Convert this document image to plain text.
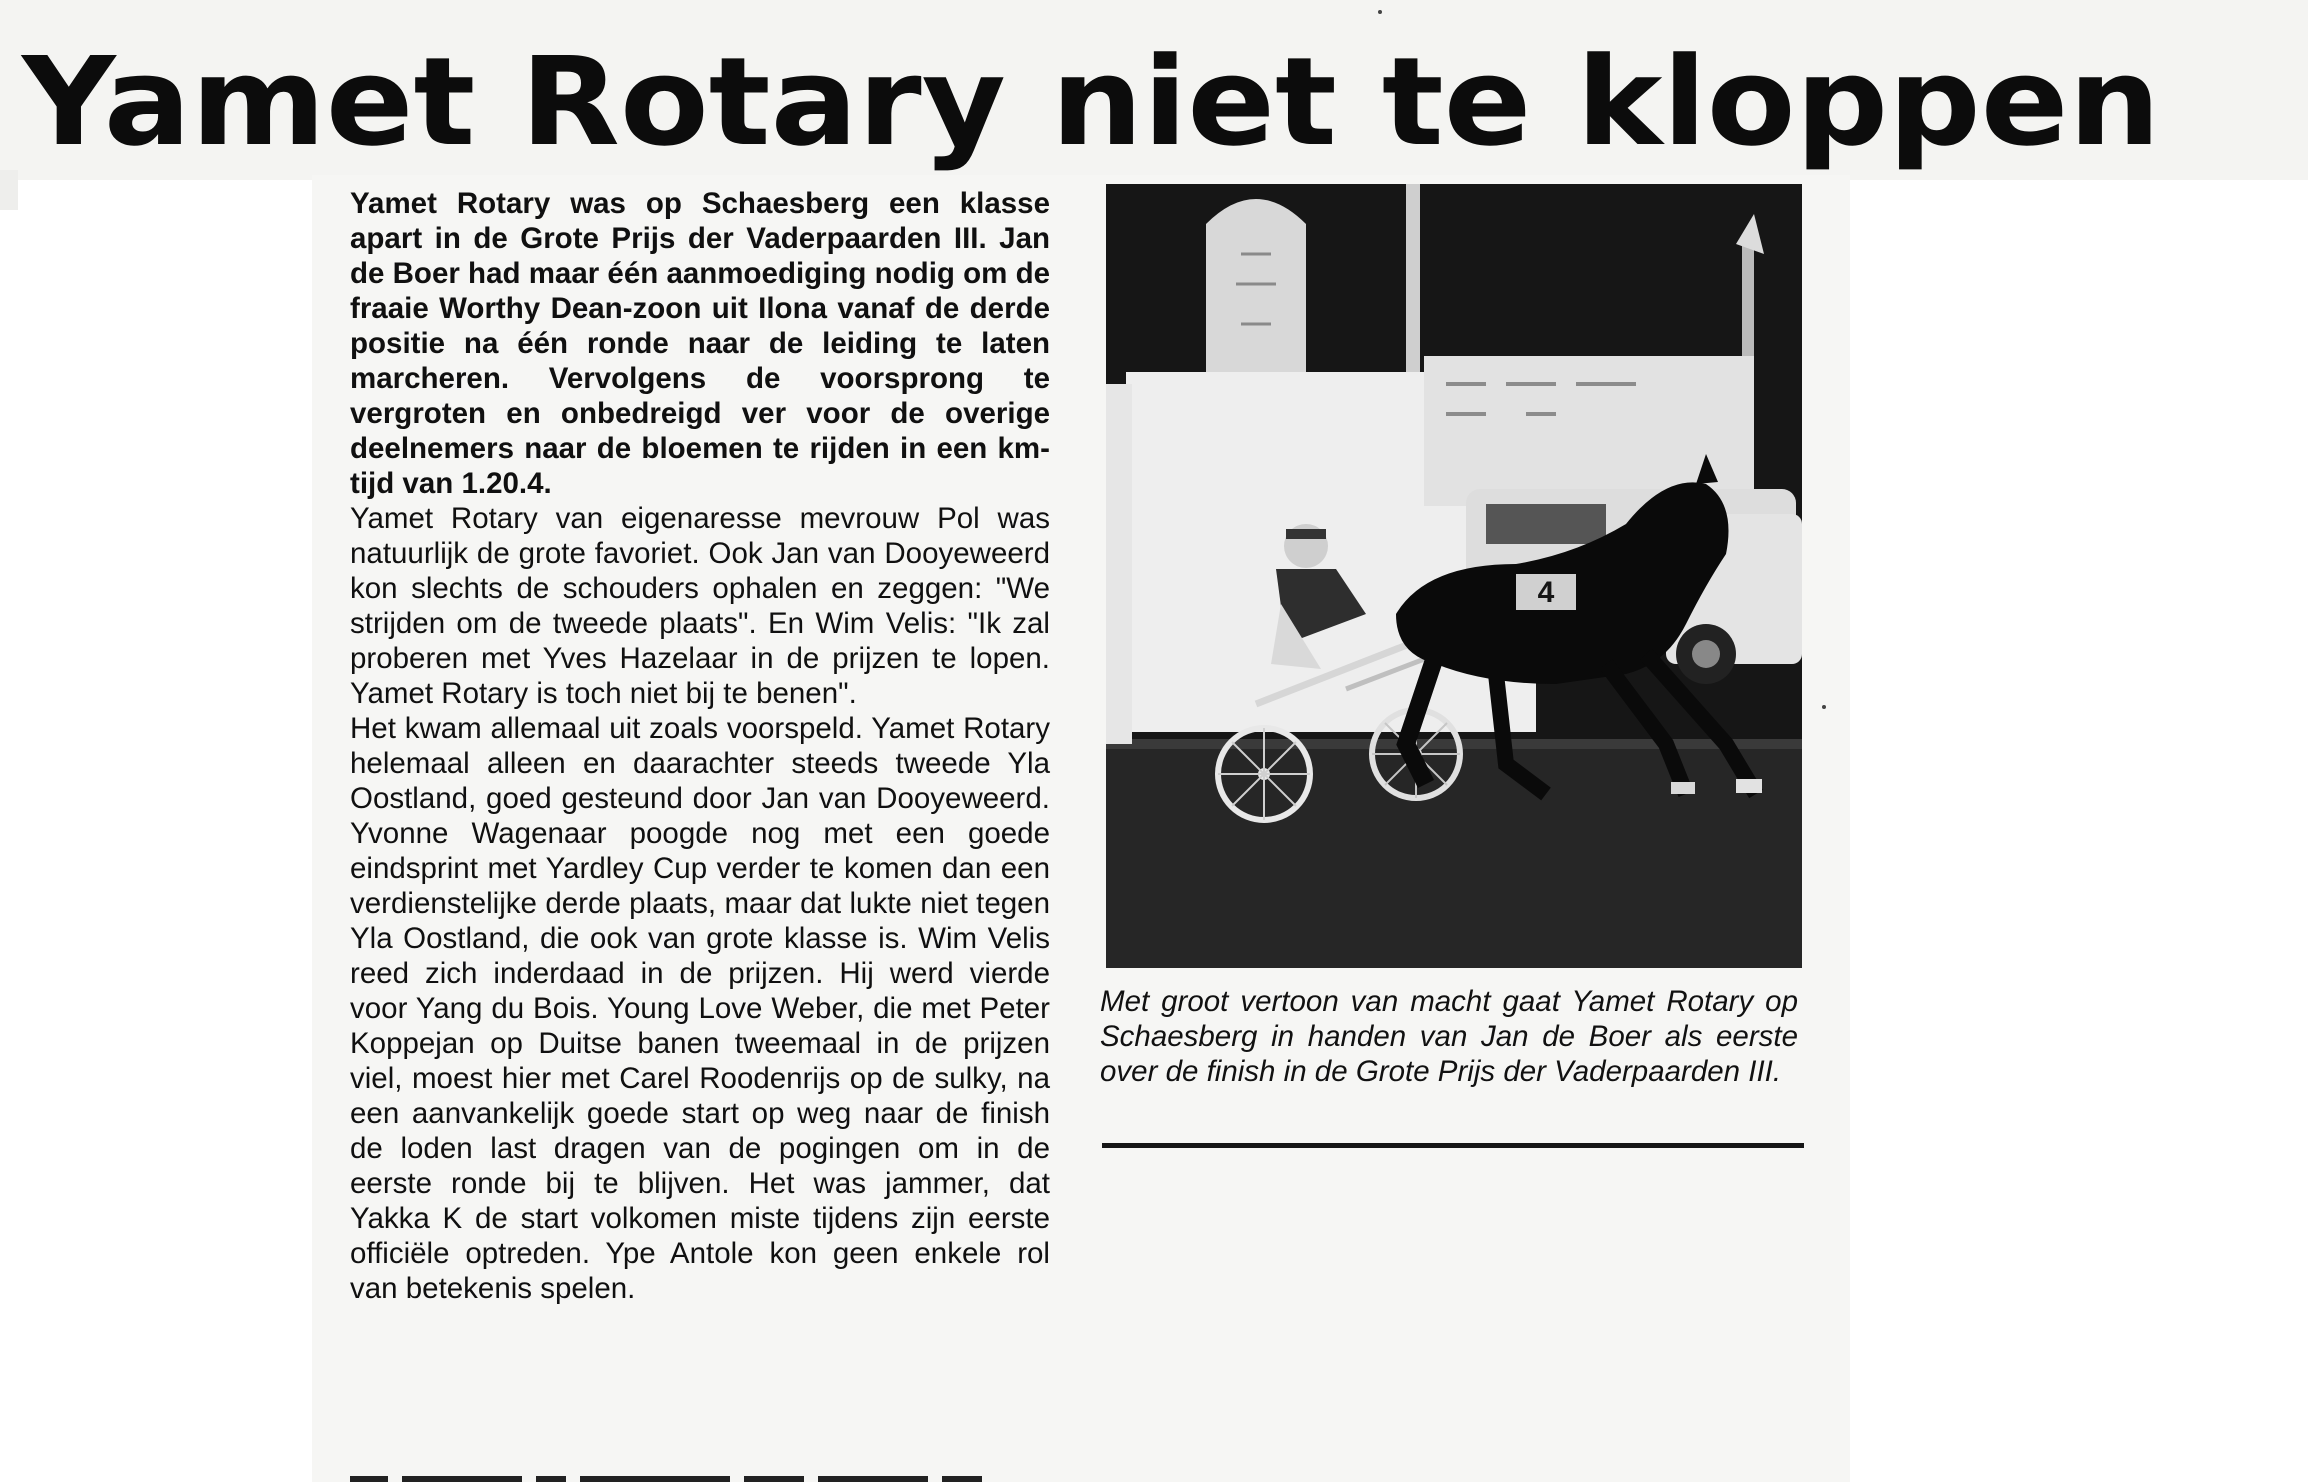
Yamet Rotary niet te kloppen

Yamet Rotary was op Schaesberg een klasse apart in de Grote Prijs der Vaderpaarden III. Jan de Boer had maar één aanmoediging nodig om de fraaie Worthy Dean-zoon uit Ilona vanaf de derde positie na één ronde naar de leiding te laten marcheren. Vervolgens de voorsprong te vergroten en onbedreigd ver voor de overige deelnemers naar de bloemen te rijden in een km-tijd van 1.20.4.

Yamet Rotary van eigenaresse mevrouw Pol was natuurlijk de grote favoriet. Ook Jan van Dooyeweerd kon slechts de schouders ophalen en zeggen: "We strijden om de tweede plaats". En Wim Velis: "Ik zal proberen met Yves Hazelaar in de prijzen te lopen. Yamet Rotary is toch niet bij te benen".

Het kwam allemaal uit zoals voorspeld. Yamet Rotary helemaal alleen en daarachter steeds tweede Yla Oostland, goed gesteund door Jan van Dooyeweerd. Yvonne Wagenaar poogde nog met een goede eindsprint met Yardley Cup verder te komen dan een verdienstelijke derde plaats, maar dat lukte niet tegen Yla Oostland, die ook van grote klasse is. Wim Velis reed zich inderdaad in de prijzen. Hij werd vierde voor Yang du Bois. Young Love Weber, die met Peter Koppejan op Duitse banen tweemaal in de prijzen viel, moest hier met Carel Roodenrijs op de sulky, na een aanvankelijk goede start op weg naar de finish de loden last dragen van de pogingen om in de eerste ronde bij te blijven. Het was jammer, dat Yakka K de start volkomen miste tijdens zijn eerste officiële optreden. Ype Antole kon geen enkele rol van betekenis spelen.

4

Met groot vertoon van macht gaat Yamet Rotary op Schaesberg in handen van Jan de Boer als eerste over de finish in de Grote Prijs der Vaderpaarden III.
